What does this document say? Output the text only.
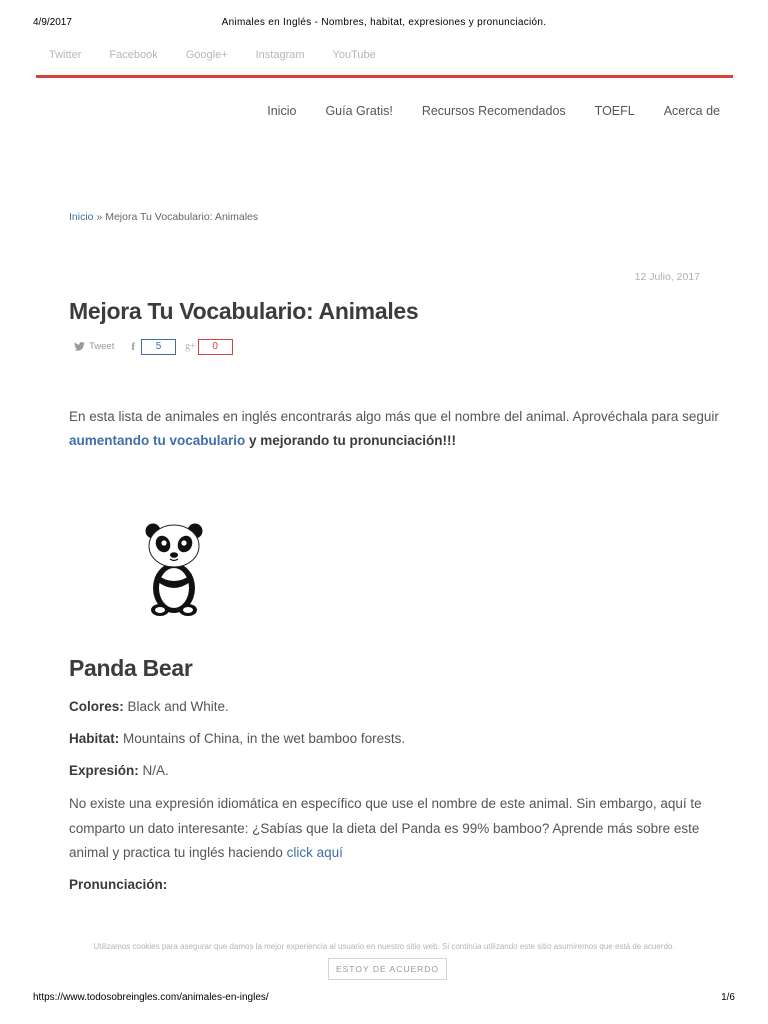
4/9/2017	Animales en Inglés - Nombres, habitat, expresiones y pronunciación.
Twitter	Facebook	Google+	Instagram	YouTube
Inicio Guía Gratis! Recursos Recomendados TOEFL Acerca de
Inicio » Mejora Tu Vocabulario: Animales
12 Julio, 2017
Mejora Tu Vocabulario: Animales
Tweet f	5	g+	0

En esta lista de animales en inglés encontrarás algo más que el nombre del animal. Aprovéchala para seguir aumentando tu vocabulario y mejorando tu pronunciación!!!

Panda Bear

Colores: Black and White.

Habitat: Mountains of China, in the wet bamboo forests.

Expresión: N/A.

No existe una expresión idiomática en específico que use el nombre de este animal. Sin embargo, aquí te comparto un dato interesante: ¿Sabías que la dieta del Panda es 99% bamboo? Aprende más sobre este animal y practica tu inglés haciendo click aquí

Pronunciación:

Utilizamos cookies para asegurar que damos la mejor experiencia al usuario en nuestro sitio web. Si continúa utilizando este sitio asumiremos que está de acuerdo.
ESTOY DE ACUERDO
https://www.todosobreingles.com/animales-en-ingles/	1/6
